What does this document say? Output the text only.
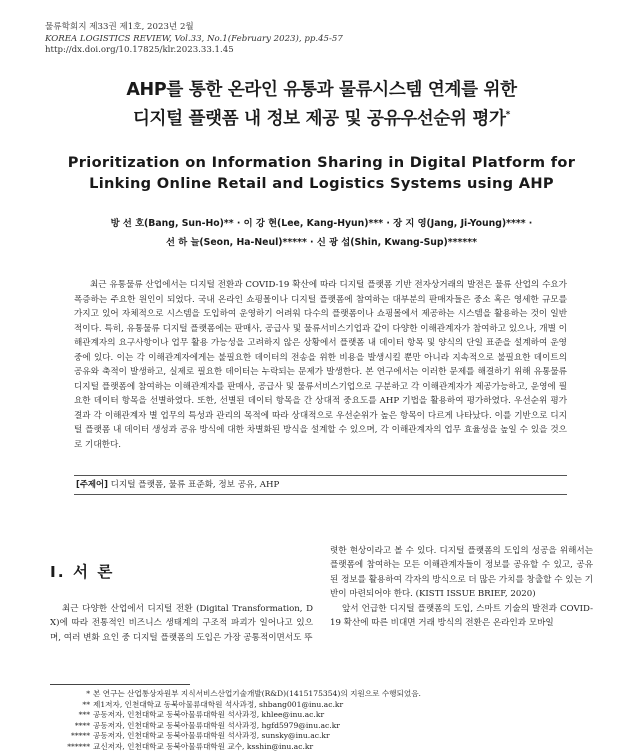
물류학회지 제33권 제1호, 2023년 2월
KOREA LOGISTICS REVIEW, Vol.33, No.1(February 2023), pp.45-57
http://dx.doi.org/10.17825/klr.2023.33.1.45
AHP를 통한 온라인 유통과 물류시스템 연계를 위한
디지털 플랫폼 내 정보 제공 및 공유우선순위 평가*
Prioritization on Information Sharing in Digital Platform for
Linking Online Retail and Logistics Systems using AHP
방 선 호(Bang, Sun-Ho)** · 이 강 현(Lee, Kang-Hyun)*** · 장 지 영(Jang, Ji-Young)**** ·
선 하 늘(Seon, Ha-Neul)***** · 신 광 섭(Shin, Kwang-Sup)******
최근 유통물류 산업에서는 디지털 전환과 COVID-19 확산에 따라 디지털 플랫폼 기반 전자상거래의 발전은 물류 산업의 수요가 폭증하는 주요한 원인이 되었다. 국내 온라인 쇼핑몰이나 디지털 플랫폼에 참여하는 대부분의 판매자들은 중소 혹은 영세한 규모를 가지고 있어 자체적으로 시스템을 도입하여 운영하기 어려워 다수의 플랫폼이나 쇼핑몰에서 제공하는 시스템을 활용하는 것이 일반적이다. 특히, 유통물류 디지털 플랫폼에는 판매사, 공급사 및 물류서비스기업과 같이 다양한 이해관계자가 참여하고 있으나, 개별 이해관계자의 요구사항이나 업무 활용 가능성을 고려하지 않은 상황에서 플랫폼 내 데이터 항목 및 양식의 단일 표준을 설계하여 운영 중에 있다. 이는 각 이해관계자에게는 불필요한 데이터의 전송을 위한 비용을 발생시킬 뿐만 아니라 지속적으로 불필요한 데이트의 공유와 축적이 발생하고, 실제로 필요한 데이터는 누락되는 문제가 발생한다. 본 연구에서는 이러한 문제를 해결하기 위해 유통물류 디지털 플랫폼에 참여하는 이해관계자를 판매사, 공급사 및 물류서비스기업으로 구분하고 각 이해관계자가 제공가능하고, 운영에 필요한 데이터 항목을 선별하였다. 또한, 선별된 데이터 항목을 간 상대적 중요도를 AHP 기법을 활용하여 평가하였다. 우선순위 평가 결과 각 이해관계자 별 업무의 특성과 관리의 목적에 따라 상대적으로 우선순위가 높은 항목이 다르게 나타났다. 이를 기반으로 디지털 플랫폼 내 데이터 생성과 공유 방식에 대한 차별화된 방식을 설계할 수 있으며, 각 이해관계자의 업무 효율성을 높일 수 있을 것으로 기대한다.
[주제어] 디지털 플랫폼, 물류 표준화, 정보 공유, AHP
Ⅰ. 서 론
최근 다양한 산업에서 디지털 전환 (Digital Transformation, DX)에 따라 전통적인 비즈니스 생태계의 구조적 파괴가 일어나고 있으며, 여러 변화 요인 중 디지털 플랫폼의 도입은 가장 공통적이면서도 뚜

렷한 현상이라고 볼 수 있다. 디지털 플랫폼의 도입의 성공을 위해서는 플랫폼에 참여하는 모든 이해관계자들이 정보를 공유할 수 있고, 공유된 정보를 활용하여 각자의 방식으로 더 많은 가치를 창출할 수 있는 기반이 마련되어야 한다. (KISTI ISSUE BRIEF, 2020)

앞서 언급한 디지털 플랫폼의 도입, 스마트 기술의 발전과 COVID-19 확산에 따른 비대면 거래 방식의 전환은 온라인과 모바일

* 본 연구는 산업통상자원부 지식서비스산업기술개발(R&D)(1415175354)의 지원으로 수행되었음.
** 제1저자, 인천대학교 동북아물류대학원 석사과정, shbang001@inu.ac.kr
*** 공동저자, 인천대학교 동북아물류대학원 석사과정, khlee@inu.ac.kr
**** 공동저자, 인천대학교 동북아물류대학원 석사과정, hgfd5979@inu.ac.kr
***** 공동저자, 인천대학교 동북아물류대학원 석사과정, sunsky@inu.ac.kr
****** 교신저자, 인천대학교 동북아물류대학원 교수, ksshin@inu.ac.kr
